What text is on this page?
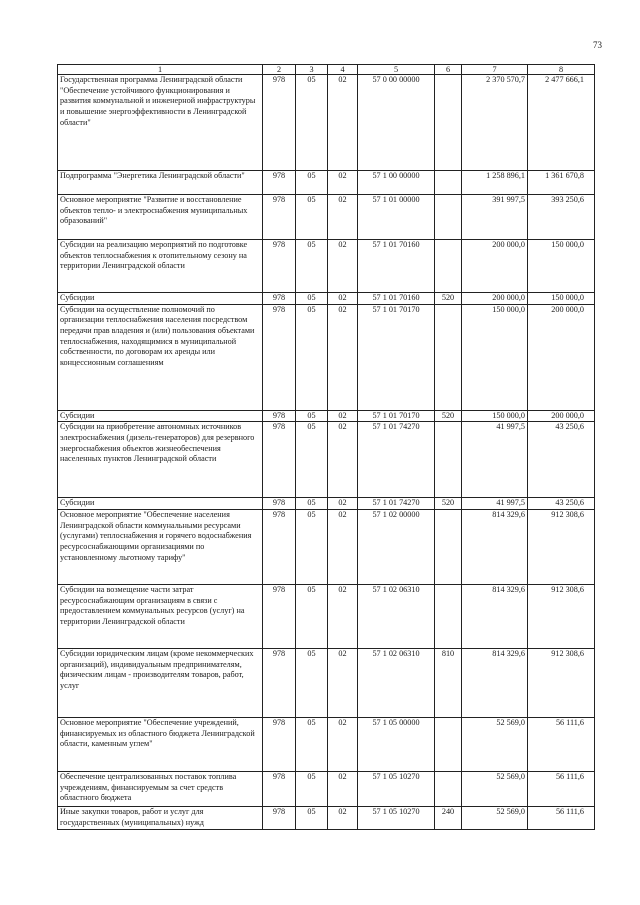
73
1	2	3	4	5	6	7	8
Государственная программа Ленинградской области "Обеспечение устойчивого функционирования и развития коммунальной и инженерной инфраструктуры и повышение энергоэффективности в Ленинградской области"	978	05	02	57 0 00 00000		2 370 570,7	2 477 666,1
Подпрограмма "Энергетика Ленинградской области"	978	05	02	57 1 00 00000		1 258 896,1	1 361 670,8
Основное мероприятие "Развитие и восстановление объектов тепло- и электроснабжения муниципальных образований"	978	05	02	57 1 01 00000		391 997,5	393 250,6
Субсидии на реализацию мероприятий по подготовке объектов теплоснабжения к отопительному сезону на территории Ленинградской области	978	05	02	57 1 01 70160		200 000,0	150 000,0
Субсидии	978	05	02	57 1 01 70160	520	200 000,0	150 000,0
Субсидии на осуществление полномочий по организации теплоснабжения населения посредством передачи прав владения и (или) пользования объектами теплоснабжения, находящимися в муниципальной собственности, по договорам их аренды или концессионным соглашениям	978	05	02	57 1 01 70170		150 000,0	200 000,0
Субсидии	978	05	02	57 1 01 70170	520	150 000,0	200 000,0
Субсидии на приобретение автономных источников электроснабжения (дизель-генераторов) для резервного энергоснабжения объектов жизнеобеспечения населенных пунктов Ленинградской области	978	05	02	57 1 01 74270		41 997,5	43 250,6
Субсидии	978	05	02	57 1 01 74270	520	41 997,5	43 250,6
Основное мероприятие "Обеспечение населения Ленинградской области коммунальными ресурсами (услугами) теплоснабжения и горячего водоснабжения ресурсоснабжающими организациями по установленному льготному тарифу"	978	05	02	57 1 02 00000		814 329,6	912 308,6
Субсидии на возмещение части затрат ресурсоснабжающим организациям в связи с предоставлением коммунальных ресурсов (услуг) на территории Ленинградской области	978	05	02	57 1 02 06310		814 329,6	912 308,6
Субсидии юридическим лицам (кроме некоммерческих организаций), индивидуальным предпринимателям, физическим лицам - производителям товаров, работ, услуг	978	05	02	57 1 02 06310	810	814 329,6	912 308,6
Основное мероприятие "Обеспечение учреждений, финансируемых из областного бюджета Ленинградской области, каменным углем"	978	05	02	57 1 05 00000		52 569,0	56 111,6
Обеспечение централизованных поставок топлива учреждениям, финансируемым за счет средств областного бюджета	978	05	02	57 1 05 10270		52 569,0	56 111,6
Иные закупки товаров, работ и услуг для государственных (муниципальных) нужд	978	05	02	57 1 05 10270	240	52 569,0	56 111,6
